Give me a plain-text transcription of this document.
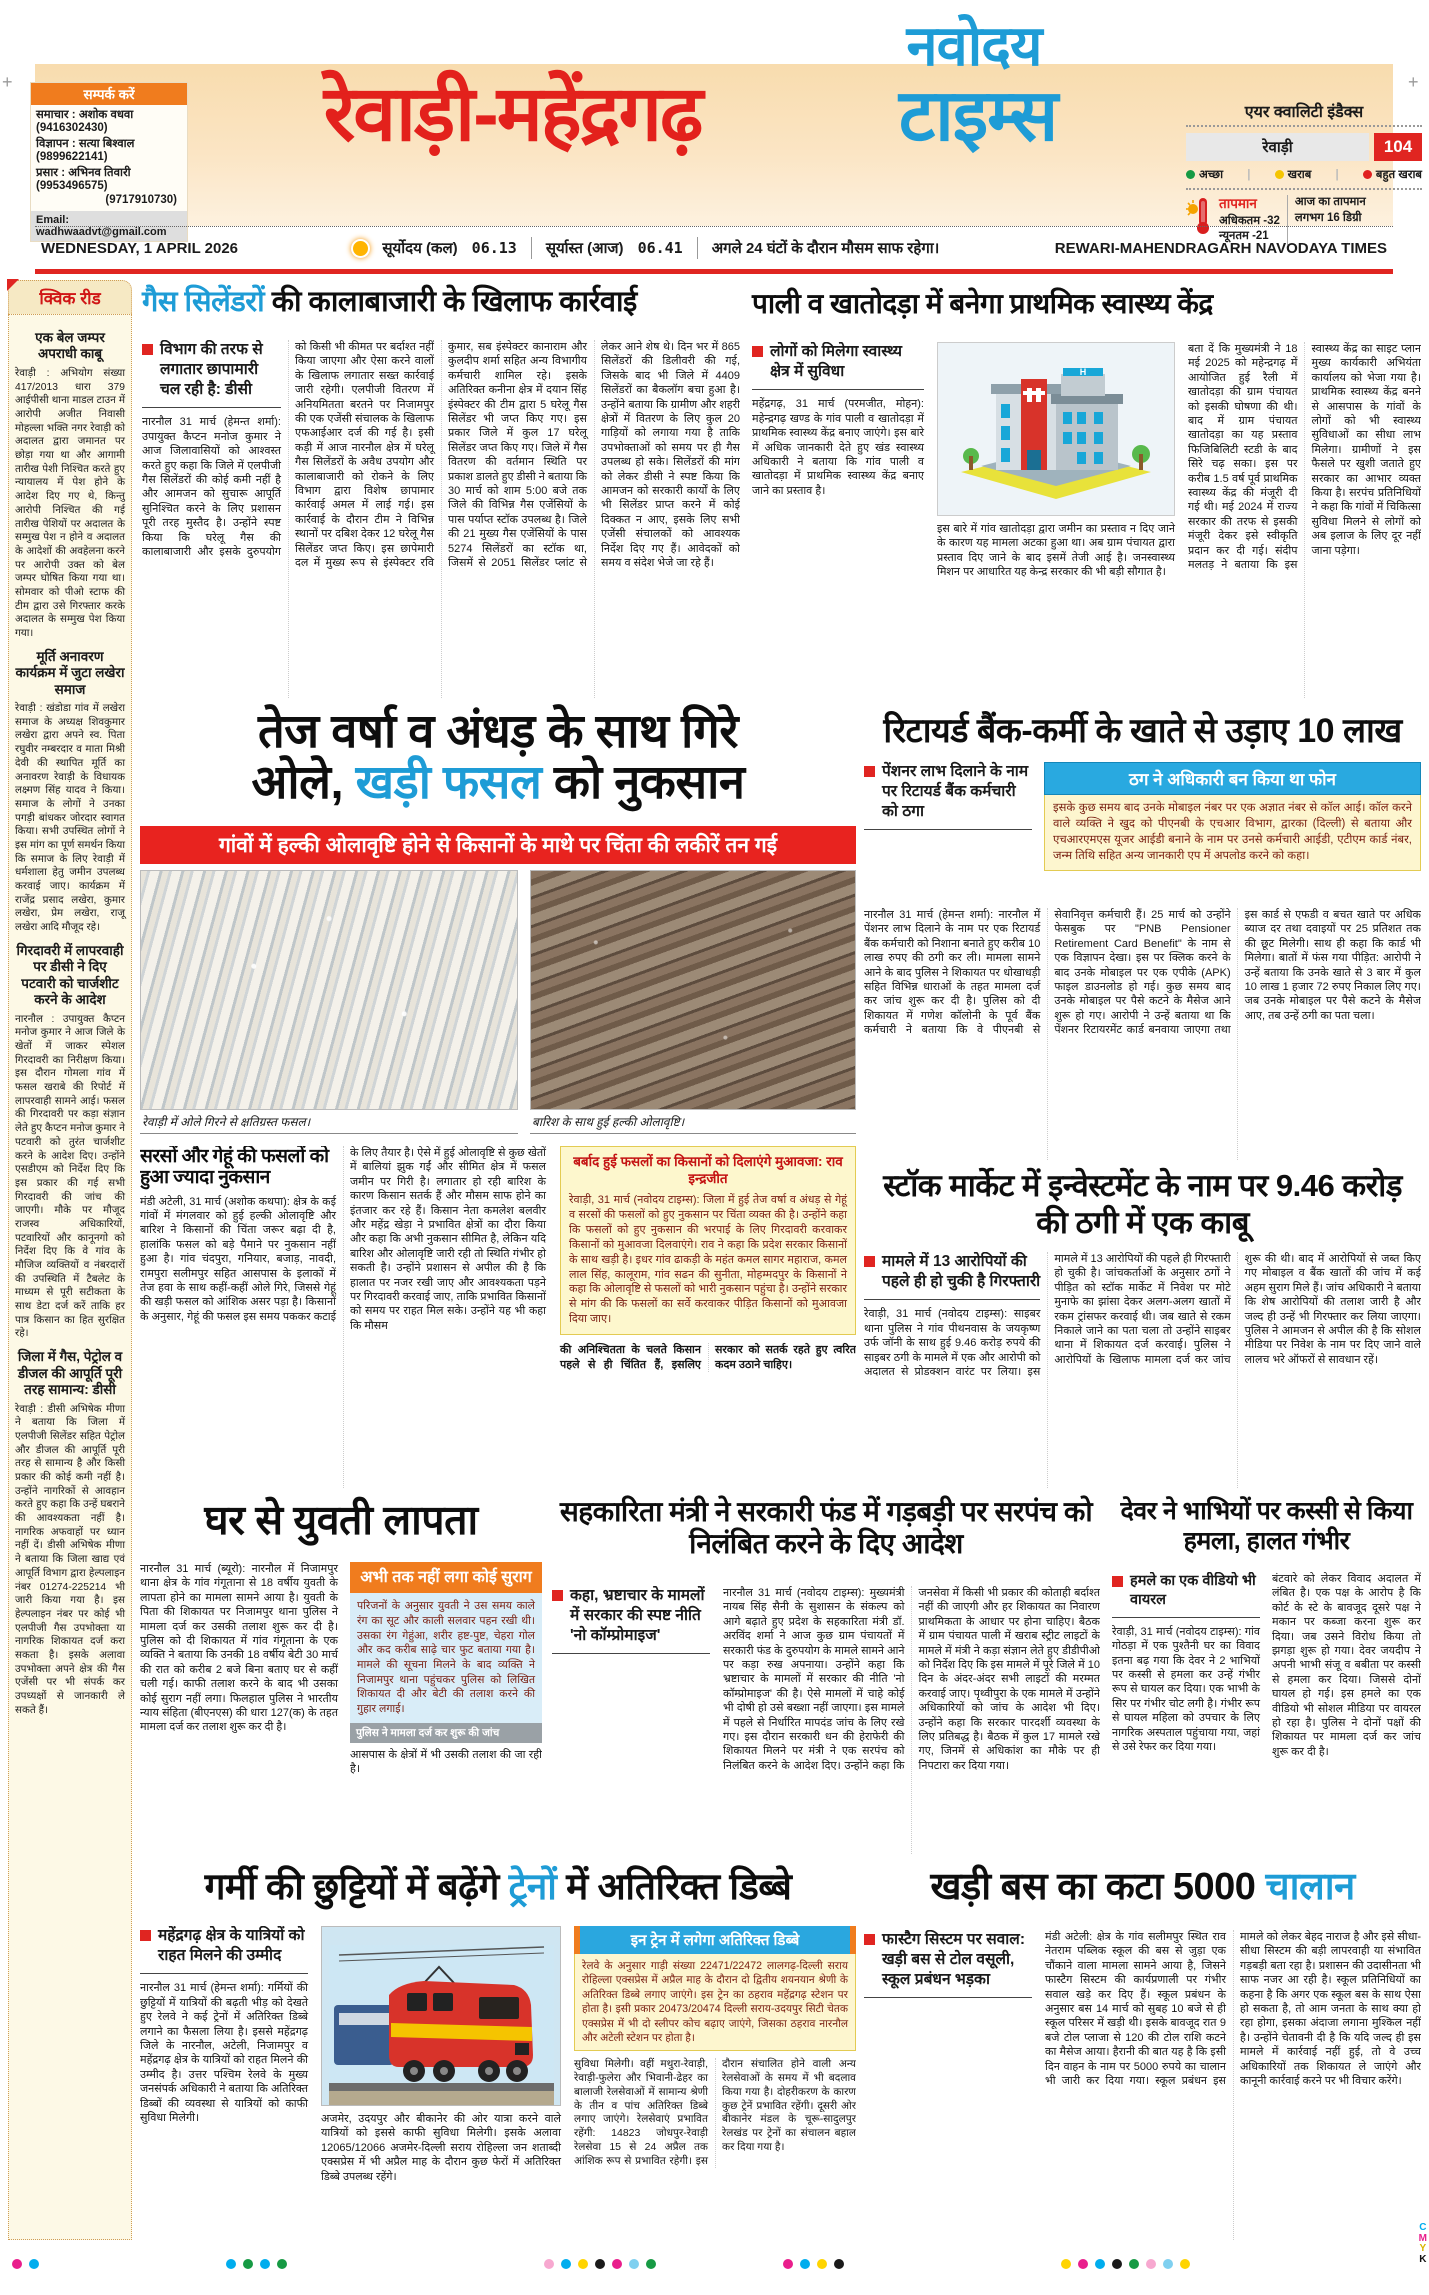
+	+
सम्पर्क करें
समाचार : अशोक वधवा (9416302430)
विज्ञापन : सत्या बिश्वाल (9899622141)
प्रसार : अभिनव तिवारी (9953496575)
(9717910730)
Email: wadhwaadvt@gmail.com
रेवाड़ी-महेंद्रगढ़
नवोदय
टाइम्स	एयर क्वालिटी इंडैक्स
रेवाड़ी	104
अच्छा |	खराब |	बहुत खराब
तापमान
अधिकतम -32
न्यूनतम -21
आज का तापमान
लगभग 16 डिग्री
WEDNESDAY, 1 APRIL 2026	सूर्योदय (कल) 06.13 सूर्यास्त (आज) 06.41 अगले 24 घंटों के दौरान मौसम साफ रहेगा।	REWARI-MAHENDRAGARH NAVODAYA TIMES
क्विक रीड
एक बेल जम्पर अपराधी काबू
रेवाड़ी : अभियोग संख्या 417/2013 धारा 379 आईपीसी थाना माडल टाउन में आरोपी अजीत निवासी मोहल्ला भक्ति नगर रेवाड़ी को अदालत द्वारा जमानत पर छोड़ा गया था और आगामी तारीख पेशी निश्चित करते हुए न्यायालय में पेश होने के आदेश दिए गए थे, किन्तु आरोपी निश्चित की गई तारीख पेशियों पर अदालत के सम्मुख पेश न होने व अदालत के आदेशों की अवहेलना करने पर आरोपी उक्त को बेल जम्पर घोषित किया गया था। सोमवार को पीओ स्टाफ की टीम द्वारा उसे गिरफ्तार करके अदालत के सम्मुख पेश किया गया।
मूर्ति अनावरण कार्यक्रम में जुटा लखेरा समाज
रेवाड़ी : खंडोडा गांव में लखेरा समाज के अध्यक्ष शिवकुमार लखेरा द्वारा अपने स्व. पिता रघुवीर नम्बरदार व माता मिश्री देवी की स्थापित मूर्ति का अनावरण रेवाड़ी के विधायक लक्ष्मण सिंह यादव ने किया। समाज के लोगों ने उनका पगड़ी बांधकर जोरदार स्वागत किया। सभी उपस्थित लोगों ने इस मांग का पूर्ण समर्थन किया कि समाज के लिए रेवाड़ी में धर्मशाला हेतु जमीन उपलब्ध करवाई जाए। कार्यक्रम में राजेंद्र प्रसाद लखेरा, कुमार लखेरा, प्रेम लखेरा, राजू लखेरा आदि मौजूद रहे।
गिरदावरी में लापरवाही पर डीसी ने दिए पटवारी को चार्जशीट करने के आदेश
नारनौल : उपायुक्त कैप्टन मनोज कुमार ने आज जिले के खेतों में जाकर स्पेशल गिरदावरी का निरीक्षण किया। इस दौरान गोमला गांव में फसल खराबे की रिपोर्ट में लापरवाही सामने आई। फसल की गिरदावरी पर कड़ा संज्ञान लेते हुए कैप्टन मनोज कुमार ने पटवारी को तुरंत चार्जशीट करने के आदेश दिए। उन्होंने एसडीएम को निर्देश दिए कि इस प्रकार की गई सभी गिरदावरी की जांच की जाएगी। मौके पर मौजूद राजस्व अधिकारियों, पटवारियों और कानूनगो को निर्देश दिए कि वे गांव के मौजिज व्यक्तियों व नंबरदारों की उपस्थिति में टैबलेट के माध्यम से पूरी सटीकता के साथ डेटा दर्ज करें ताकि हर पात्र किसान का हित सुरक्षित रहे।
जिला में गैस, पेट्रोल व डीजल की आपूर्ति पूरी तरह सामान्य: डीसी
रेवाड़ी : डीसी अभिषेक मीणा ने बताया कि जिला में एलपीजी सिलेंडर सहित पेट्रोल और डीजल की आपूर्ति पूरी तरह से सामान्य है और किसी प्रकार की कोई कमी नहीं है। उन्होंने नागरिकों से आवहान करते हुए कहा कि उन्हें घबराने की आवश्यकता नहीं है। नागरिक अफवाहों पर ध्यान नहीं दें। डीसी अभिषेक मीणा ने बताया कि जिला खाद्य एवं आपूर्ति विभाग द्वारा हेल्पलाइन नंबर 01274-225214 भी जारी किया गया है। इस हेल्पलाइन नंबर पर कोई भी एलपीजी गैस उपभोक्ता या नागरिक शिकायत दर्ज करा सकता है। इसके अलावा उपभोक्ता अपने क्षेत्र की गैस एजेंसी पर भी संपर्क कर उपध्यक्षों से जानकारी ले सकते हैं।
गैस सिलेंडरों की कालाबाजारी के खिलाफ कार्रवाई
विभाग की तरफ से लगातार छापामारी चल रही है: डीसी
नारनौल 31 मार्च (हेमन्त शर्मा): उपायुक्त कैप्टन मनोज कुमार ने आज जिलावासियों को आश्वस्त करते हुए कहा कि जिले में एलपीजी गैस सिलेंडरों की कोई कमी नहीं है और आमजन को सुचारू आपूर्ति सुनिश्चित करने के लिए प्रशासन पूरी तरह मुस्तैद है। उन्होंने स्पष्ट किया कि घरेलू गैस की कालाबाजारी और इसके दुरुपयोग को किसी भी कीमत पर बर्दाश्त नहीं किया जाएगा और ऐसा करने वालों के खिलाफ लगातार सख्त कार्रवाई जारी रहेगी। एलपीजी वितरण में अनियमितता बरतने पर निजामपुर की एक एजेंसी संचालक के खिलाफ एफआईआर दर्ज की गई है। इसी कड़ी में आज नारनौल क्षेत्र में घरेलू गैस सिलेंडरों के अवैध उपयोग और कालाबाजारी को रोकने के लिए विभाग द्वारा विशेष छापामार कार्रवाई अमल में लाई गई। इस कार्रवाई के दौरान टीम ने विभिन्न स्थानों पर दबिश देकर 12 घरेलू गैस सिलेंडर जप्त किए। इस छापेमारी दल में मुख्य रूप से इंस्पेक्टर रवि कुमार, सब इंस्पेक्टर कानाराम और कुलदीप शर्मा सहित अन्य विभागीय कर्मचारी शामिल रहे। इसके अतिरिक्त कनीना क्षेत्र में दयान सिंह इंस्पेक्टर की टीम द्वारा 5 घरेलू गैस सिलेंडर भी जप्त किए गए। इस प्रकार जिले में कुल 17 घरेलू सिलेंडर जप्त किए गए। जिले में गैस वितरण की वर्तमान स्थिति पर प्रकाश डालते हुए डीसी ने बताया कि 30 मार्च को शाम 5:00 बजे तक जिले की विभिन्न गैस एजेंसियों के पास पर्याप्त स्टॉक उपलब्ध है। जिले की 21 मुख्य गैस एजेंसियों के पास 5274 सिलेंडरों का स्टॉक था, जिसमें से 2051 सिलेंडर प्लांट से लेकर आने शेष थे। दिन भर में 865 सिलेंडरों की डिलीवरी की गई, जिसके बाद भी जिले में 4409 सिलेंडरों का बैकलॉग बचा हुआ है। उन्होंने बताया कि ग्रामीण और शहरी क्षेत्रों में वितरण के लिए कुल 20 गाड़ियों को लगाया गया है ताकि उपभोक्ताओं को समय पर ही गैस उपलब्ध हो सके। सिलेंडरों की मांग को लेकर डीसी ने स्पष्ट किया कि आमजन को सरकारी कार्यों के लिए भी सिलेंडर प्राप्त करने में कोई दिक्कत न आए, इसके लिए सभी एजेंसी संचालकों को आवश्यक निर्देश दिए गए हैं। आवेदकों को समय व संदेश भेजे जा रहे हैं।
पाली व खातोदड़ा में बनेगा प्राथमिक स्वास्थ्य केंद्र
लोगों को मिलेगा स्वास्थ्य क्षेत्र में सुविधा
महेंद्रगढ़, 31 मार्च (परमजीत, मोहन): महेन्द्रगढ़ खण्ड के गांव पाली व खातोदड़ा में प्राथमिक स्वास्थ्य केंद्र बनाए जाएंगे। इस बारे में अधिक जानकारी देते हुए खंड स्वास्थ्य अधिकारी ने बताया कि गांव पाली व खातोदड़ा में प्राथमिक स्वास्थ्य केंद्र बनाए जाने का प्रस्ताव है।
H
इस बारे में गांव खातोदड़ा द्वारा जमीन का प्रस्ताव न दिए जाने के कारण यह मामला अटका हुआ था। अब ग्राम पंचायत द्वारा प्रस्ताव दिए जाने के बाद इसमें तेजी आई है। जनस्वास्थ्य मिशन पर आधारित यह केन्द्र सरकार की भी बड़ी सौगात है।
बता दें कि मुख्यमंत्री ने 18 मई 2025 को महेन्द्रगढ़ में आयोजित हुई रैली में खातोदड़ा की ग्राम पंचायत को इसकी घोषणा की थी। बाद में ग्राम पंचायत खातोदड़ा का यह प्रस्ताव फिजिबिलिटी स्टडी के बाद सिरे चढ़ सका। इस पर करीब 1.5 वर्ष पूर्व प्राथमिक स्वास्थ्य केंद्र की मंजूरी दी गई थी। मई 2024 में राज्य सरकार की तरफ से इसकी मंजूरी देकर इसे स्वीकृति प्रदान कर दी गई। संदीप मलतड़ ने बताया कि इस स्वास्थ्य केंद्र का साइट प्लान मुख्य कार्यकारी अभियंता कार्यालय को भेजा गया है। प्राथमिक स्वास्थ्य केंद्र बनने से आसपास के गांवों के लोगों को भी स्वास्थ्य सुविधाओं का सीधा लाभ मिलेगा। ग्रामीणों ने इस फैसले पर खुशी जताते हुए सरकार का आभार व्यक्त किया है। सरपंच प्रतिनिधियों ने कहा कि गांवों में चिकित्सा सुविधा मिलने से लोगों को अब इलाज के लिए दूर नहीं जाना पड़ेगा।
तेज वर्षा व अंधड़ के साथ गिरे
ओले, खड़ी फसल को नुकसान
गांवों में हल्की ओलावृष्टि होने से किसानों के माथे पर चिंता की लकीरें तन गई
रेवाड़ी में ओले गिरने से क्षतिग्रस्त फसल।	बारिश के साथ हुई हल्की ओलावृष्टि।
सरसों और गेहूं की फसलों को हुआ ज्यादा नुकसान
मंडी अटेली, 31 मार्च (अशोक कथपा): क्षेत्र के कई गांवों में मंगलवार को हुई हल्की ओलावृष्टि और बारिश ने किसानों की चिंता जरूर बढ़ा दी है, हालांकि फसल को बड़े पैमाने पर नुकसान नहीं हुआ है। गांव चंदपुरा, गनियार, बजाड़, नावदी, रामपुरा सलीमपुर सहित आसपास के इलाकों में तेज हवा के साथ कहीं-कहीं ओले गिरे, जिससे गेहूं की खड़ी फसल को आंशिक असर पड़ा है। किसानों के अनुसार, गेहूं की फसल इस समय पककर कटाई के लिए तैयार है। ऐसे में हुई ओलावृष्टि से कुछ खेतों में बालियां झुक गईं और सीमित क्षेत्र में फसल जमीन पर गिरी है। लगातार हो रही बारिश के कारण किसान सतर्क हैं और मौसम साफ होने का इंतजार कर रहे हैं। किसान नेता कमलेश बलवीर और महेंद्र खेड़ा ने प्रभावित क्षेत्रों का दौरा किया और कहा कि अभी नुकसान सीमित है, लेकिन यदि बारिश और ओलावृष्टि जारी रही तो स्थिति गंभीर हो सकती है। उन्होंने प्रशासन से अपील की है कि हालात पर नजर रखी जाए और आवश्यकता पड़ने पर गिरदावरी करवाई जाए, ताकि प्रभावित किसानों को समय पर राहत मिल सके। उन्होंने यह भी कहा कि मौसम
बर्बाद हुई फसलों का किसानों को दिलाएंगे मुआवजा: राव इन्द्रजीत
रेवाड़ी, 31 मार्च (नवोदय टाइम्स): जिला में हुई तेज वर्षा व अंधड़ से गेहूं व सरसों की फसलों को हुए नुकसान पर चिंता व्यक्त की है। उन्होंने कहा कि फसलों को हुए नुकसान की भरपाई के लिए गिरदावरी करवाकर किसानों को मुआवजा दिलवाएंगे। राव ने कहा कि प्रदेश सरकार किसानों के साथ खड़ी है। इधर गांव ढाकड़ी के महंत कमल सागर महाराज, कमल लाल सिंह, कालूराम, गांव सढन की सुनीता, मोहम्मदपुर के किसानों ने कहा कि ओलावृष्टि से फसलों को भारी नुकसान पहुंचा है। उन्होंने सरकार से मांग की कि फसलों का सर्वे करवाकर पीड़ित किसानों को मुआवजा दिया जाए।
की अनिश्चितता के चलते किसान पहले से ही चिंतित हैं, इसलिए सरकार को सतर्क रहते हुए त्वरित कदम उठाने चाहिए।
रिटायर्ड बैंक-कर्मी के खाते से उड़ाए 10 लाख
पेंशनर लाभ दिलाने के नाम पर रिटायर्ड बैंक कर्मचारी को ठगा
ठग ने अधिकारी बन किया था फोन
इसके कुछ समय बाद उनके मोबाइल नंबर पर एक अज्ञात नंबर से कॉल आई। कॉल करने वाले व्यक्ति ने खुद को पीएनबी के एचआर विभाग, द्वारका (दिल्ली) से बताया और एचआरएमएस यूजर आईडी बनाने के नाम पर उनसे कर्मचारी आईडी, एटीएम कार्ड नंबर, जन्म तिथि सहित अन्य जानकारी एप में अपलोड करने को कहा।
नारनौल 31 मार्च (हेमन्त शर्मा): नारनौल में पेंशनर लाभ दिलाने के नाम पर एक रिटायर्ड बैंक कर्मचारी को निशाना बनाते हुए करीब 10 लाख रुपए की ठगी कर ली। मामला सामने आने के बाद पुलिस ने शिकायत पर धोखाधड़ी सहित विभिन्न धाराओं के तहत मामला दर्ज कर जांच शुरू कर दी है। पुलिस को दी शिकायत में गणेश कॉलोनी के पूर्व बैंक कर्मचारी ने बताया कि वे पीएनबी से सेवानिवृत्त कर्मचारी हैं। 25 मार्च को उन्होंने फेसबुक पर "PNB Pensioner Retirement Card Benefit" के नाम से एक विज्ञापन देखा। इस पर क्लिक करने के बाद उनके मोबाइल पर एक एपीके (APK) फाइल डाउनलोड हो गई। कुछ समय बाद उनके मोबाइल पर पैसे कटने के मैसेज आने शुरू हो गए। आरोपी ने उन्हें बताया था कि पेंशनर रिटायरमेंट कार्ड बनवाया जाएगा तथा इस कार्ड से एफडी व बचत खाते पर अधिक ब्याज दर तथा दवाइयों पर 25 प्रतिशत तक की छूट मिलेगी। साथ ही कहा कि कार्ड भी मिलेगा। बातों में फंस गया पीड़ित: आरोपी ने उन्हें बताया कि उनके खाते से 3 बार में कुल 10 लाख 1 हजार 72 रुपए निकाल लिए गए। जब उनके मोबाइल पर पैसे कटने के मैसेज आए, तब उन्हें ठगी का पता चला।
स्टॉक मार्केट में इन्वेस्टमेंट के नाम पर 9.46 करोड़ की ठगी में एक काबू
मामले में 13 आरोपियों की पहले ही हो चुकी है गिरफ्तारी
रेवाड़ी, 31 मार्च (नवोदय टाइम्स): साइबर थाना पुलिस ने गांव पीथनवास के जयकृष्ण उर्फ जॉनी के साथ हुई 9.46 करोड़ रुपये की साइबर ठगी के मामले में एक और आरोपी को अदालत से प्रोडक्शन वारंट पर लिया। इस मामले में 13 आरोपियों की पहले ही गिरफ्तारी हो चुकी है। जांचकर्ताओं के अनुसार ठगों ने पीड़ित को स्टॉक मार्केट में निवेश पर मोटे मुनाफे का झांसा देकर अलग-अलग खातों में रकम ट्रांसफर करवाई थी। जब खाते से रकम निकाले जाने का पता चला तो उन्होंने साइबर थाना में शिकायत दर्ज करवाई। पुलिस ने आरोपियों के खिलाफ मामला दर्ज कर जांच शुरू की थी। बाद में आरोपियों से जब्त किए गए मोबाइल व बैंक खातों की जांच में कई अहम सुराग मिले हैं। जांच अधिकारी ने बताया कि शेष आरोपियों की तलाश जारी है और जल्द ही उन्हें भी गिरफ्तार कर लिया जाएगा। पुलिस ने आमजन से अपील की है कि सोशल मीडिया पर निवेश के नाम पर दिए जाने वाले लालच भरे ऑफरों से सावधान रहें।
घर से युवती लापता
नारनौल 31 मार्च (ब्यूरो): नारनौल में निजामपुर थाना क्षेत्र के गांव गंगूताना से 18 वर्षीय युवती के लापता होने का मामला सामने आया है। युवती के पिता की शिकायत पर निजामपुर थाना पुलिस ने मामला दर्ज कर उसकी तलाश शुरू कर दी है। पुलिस को दी शिकायत में गांव गंगूताना के एक व्यक्ति ने बताया कि उनकी 18 वर्षीय बेटी 30 मार्च की रात को करीब 2 बजे बिना बताए घर से कहीं चली गई। काफी तलाश करने के बाद भी उसका कोई सुराग नहीं लगा। फिलहाल पुलिस ने भारतीय न्याय संहिता (बीएनएस) की धारा 127(क) के तहत मामला दर्ज कर तलाश शुरू कर दी है।
अभी तक नहीं लगा कोई सुराग
परिजनों के अनुसार युवती ने उस समय काले रंग का सूट और काली सलवार पहन रखी थी। उसका रंग गेहुंआ, शरीर हष्ट-पुष्ट, चेहरा गोल और कद करीब साढ़े चार फुट बताया गया है। मामले की सूचना मिलने के बाद व्यक्ति ने निजामपुर थाना पहुंचकर पुलिस को लिखित शिकायत दी और बेटी की तलाश करने की गुहार लगाई।
पुलिस ने मामला दर्ज कर शुरू की जांच
आसपास के क्षेत्रों में भी उसकी तलाश की जा रही है।
सहकारिता मंत्री ने सरकारी फंड में गड़बड़ी पर सरपंच को निलंबित करने के दिए आदेश
कहा, भ्रष्टाचार के मामलों में सरकार की स्पष्ट नीति 'नो कॉम्प्रोमाइज'
नारनौल 31 मार्च (नवोदय टाइम्स): मुख्यमंत्री नायब सिंह सैनी के सुशासन के संकल्प को आगे बढ़ाते हुए प्रदेश के सहकारिता मंत्री डॉ. अरविंद शर्मा ने आज कुछ ग्राम पंचायतों में सरकारी फंड के दुरुपयोग के मामले सामने आने पर कड़ा रुख अपनाया। उन्होंने कहा कि भ्रष्टाचार के मामलों में सरकार की नीति 'नो कॉम्प्रोमाइज' की है। ऐसे मामलों में चाहे कोई भी दोषी हो उसे बख्शा नहीं जाएगा। इस मामले में पहले से निर्धारित मापदंड जांच के लिए रखे गए। इस दौरान सरकारी धन की हेराफेरी की शिकायत मिलने पर मंत्री ने एक सरपंच को निलंबित करने के आदेश दिए। उन्होंने कहा कि जनसेवा में किसी भी प्रकार की कोताही बर्दाश्त नहीं की जाएगी और हर शिकायत का निवारण प्राथमिकता के आधार पर होना चाहिए। बैठक में ग्राम पंचायत पाली में खराब स्ट्रीट लाइटों के मामले में मंत्री ने कड़ा संज्ञान लेते हुए डीडीपीओ को निर्देश दिए कि इस मामले में पूरे जिले में 10 दिन के अंदर-अंदर सभी लाइटों की मरम्मत करवाई जाए। पृथ्वीपुरा के एक मामले में उन्होंने अधिकारियों को जांच के आदेश भी दिए। उन्होंने कहा कि सरकार पारदर्शी व्यवस्था के लिए प्रतिबद्ध है। बैठक में कुल 17 मामले रखे गए, जिनमें से अधिकांश का मौके पर ही निपटारा कर दिया गया।
देवर ने भाभियों पर कस्सी से किया हमला, हालत गंभीर
हमले का एक वीडियो भी वायरल
रेवाड़ी, 31 मार्च (नवोदय टाइम्स): गांव गोठड़ा में एक पुश्तैनी घर का विवाद इतना बढ़ गया कि देवर ने 2 भाभियों पर कस्सी से हमला कर उन्हें गंभीर रूप से घायल कर दिया। एक भाभी के सिर पर गंभीर चोट लगी है। गंभीर रूप से घायल महिला को उपचार के लिए नागरिक अस्पताल पहुंचाया गया, जहां से उसे रेफर कर दिया गया।
बंटवारे को लेकर विवाद अदालत में लंबित है। एक पक्ष के आरोप है कि कोर्ट के स्टे के बावजूद दूसरे पक्ष ने मकान पर कब्जा करना शुरू कर दिया। जब उसने विरोध किया तो झगड़ा शुरू हो गया। देवर जयदीप ने अपनी भाभी संजू व बबीता पर कस्सी से हमला कर दिया। जिससे दोनों घायल हो गई। इस हमले का एक वीडियो भी सोशल मीडिया पर वायरल हो रहा है। पुलिस ने दोनों पक्षों की शिकायत पर मामला दर्ज कर जांच शुरू कर दी है।
गर्मी की छुट्टियों में बढ़ेंगे ट्रेनों में अतिरिक्त डिब्बे
महेंद्रगढ़ क्षेत्र के यात्रियों को राहत मिलने की उम्मीद
नारनौल 31 मार्च (हेमन्त शर्मा): गर्मियों की छुट्टियों में यात्रियों की बढ़ती भीड़ को देखते हुए रेलवे ने कई ट्रेनों में अतिरिक्त डिब्बे लगाने का फैसला लिया है। इससे महेंद्रगढ़ जिले के नारनौल, अटेली, निजामपुर व महेंद्रगढ़ क्षेत्र के यात्रियों को राहत मिलने की उम्मीद है। उत्तर पश्चिम रेलवे के मुख्य जनसंपर्क अधिकारी ने बताया कि अतिरिक्त डिब्बों की व्यवस्था से यात्रियों को काफी सुविधा मिलेगी।	अजमेर, उदयपुर और बीकानेर की ओर यात्रा करने वाले यात्रियों को इससे काफी सुविधा मिलेगी। इसके अलावा 12065/12066 अजमेर-दिल्ली सराय रोहिल्ला जन शताब्दी एक्सप्रेस में भी अप्रैल माह के दौरान कुछ फेरों में अतिरिक्त डिब्बे उपलब्ध रहेंगे।
इन ट्रेन में लगेगा अतिरिक्त डिब्बे
रेलवे के अनुसार गाड़ी संख्या 22471/22472 लालगढ़-दिल्ली सराय रोहिल्ला एक्सप्रेस में अप्रैल माह के दौरान दो द्वितीय शयनयान श्रेणी के अतिरिक्त डिब्बे लगाए जाएंगे। इस ट्रेन का ठहराव महेंद्रगढ़ स्टेशन पर होता है। इसी प्रकार 20473/20474 दिल्ली सराय-उदयपुर सिटी चेतक एक्सप्रेस में भी दो स्लीपर कोच बढ़ाए जाएंगे, जिसका ठहराव नारनौल और अटेली स्टेशन पर होता है।
सुविधा मिलेगी। वहीं मथुरा-रेवाड़ी, रेवाड़ी-फुलेरा और भिवानी-ढेहर का बालाजी रेलसेवाओं में सामान्य श्रेणी के तीन व पांच अतिरिक्त डिब्बे लगाए जाएंगे। रेलसेवाएं प्रभावित रहेंगी: 14823 जोधपुर-रेवाड़ी रेलसेवा 15 से 24 अप्रैल तक आंशिक रूप से प्रभावित रहेगी। इस दौरान संचालित होने वाली अन्य रेलसेवाओं के समय में भी बदलाव किया गया है। दोहरीकरण के कारण कुछ ट्रेनें प्रभावित रहेंगी। दूसरी ओर बीकानेर मंडल के चूरू-सादुलपुर रेलखंड पर ट्रेनों का संचालन बहाल कर दिया गया है।
खड़ी बस का कटा 5000 चालान
फास्टैग सिस्टम पर सवाल: खड़ी बस से टोल वसूली, स्कूल प्रबंधन भड़का
मंडी अटेली: क्षेत्र के गांव सलीमपुर स्थित राव नेतराम पब्लिक स्कूल की बस से जुड़ा एक चौंकाने वाला मामला सामने आया है, जिसने फास्टैग सिस्टम की कार्यप्रणाली पर गंभीर सवाल खड़े कर दिए हैं। स्कूल प्रबंधन के अनुसार बस 14 मार्च को सुबह 10 बजे से ही स्कूल परिसर में खड़ी थी। इसके बावजूद रात 9 बजे टोल प्लाजा से 120 की टोल राशि कटने का मैसेज आया। हैरानी की बात यह है कि इसी दिन वाहन के नाम पर 5000 रुपये का चालान भी जारी कर दिया गया। स्कूल प्रबंधन इस मामले को लेकर बेहद नाराज है और इसे सीधा-सीधा सिस्टम की बड़ी लापरवाही या संभावित गड़बड़ी बता रहा है। प्रशासन की उदासीनता भी साफ नजर आ रही है। स्कूल प्रतिनिधियों का कहना है कि अगर एक स्कूल बस के साथ ऐसा हो सकता है, तो आम जनता के साथ क्या हो रहा होगा, इसका अंदाजा लगाना मुश्किल नहीं है। उन्होंने चेतावनी दी है कि यदि जल्द ही इस मामले में कार्रवाई नहीं हुई, तो वे उच्च अधिकारियों तक शिकायत ले जाएंगे और कानूनी कार्रवाई करने पर भी विचार करेंगे।
C
M
Y
K
